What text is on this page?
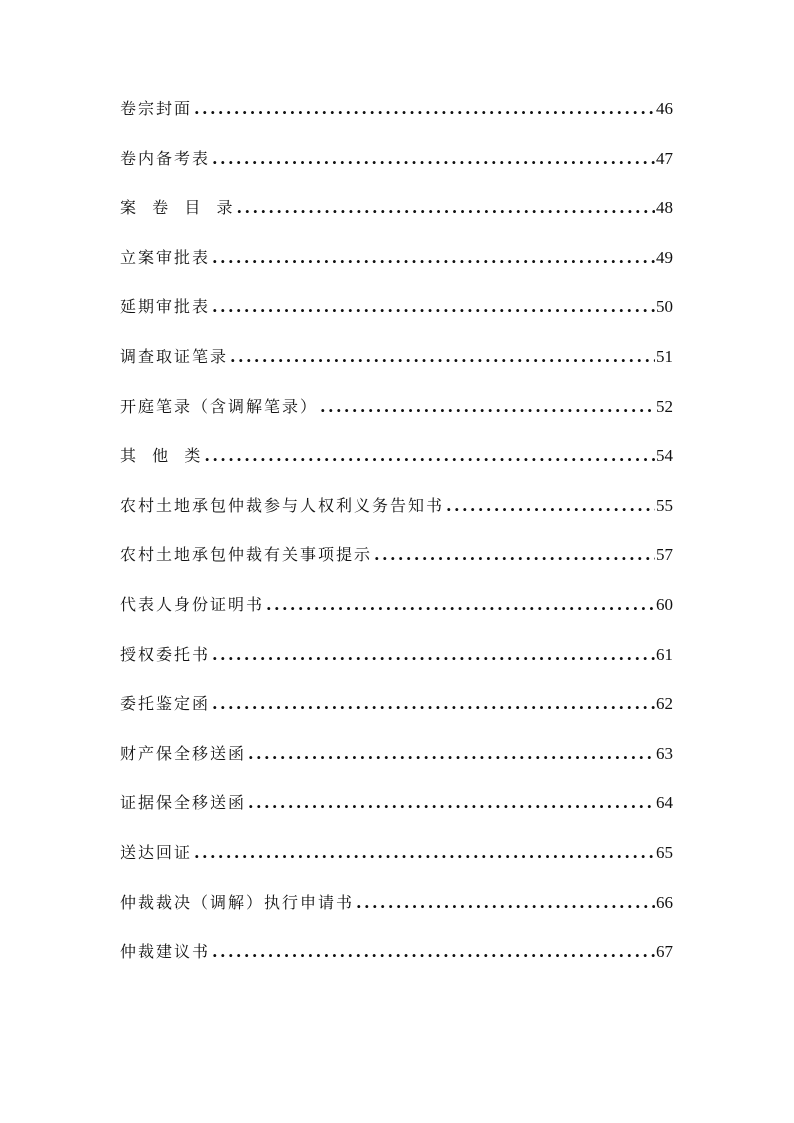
卷宗封面 .....	46
卷内备考表 .....	47
案  卷  目  录 .....	48
立案审批表 .....	49
延期审批表 .....	50
调查取证笔录 .....	51
开庭笔录（含调解笔录） .....	52
其  他  类 .....	54
农村土地承包仲裁参与人权利义务告知书 .....	55
农村土地承包仲裁有关事项提示 .....	57
代表人身份证明书 .....	60
授权委托书 .....	61
委托鉴定函 .....	62
财产保全移送函 .....	63
证据保全移送函 .....	64
送达回证 .....	65
仲裁裁决（调解）执行申请书 .....	66
仲裁建议书 .....	67
